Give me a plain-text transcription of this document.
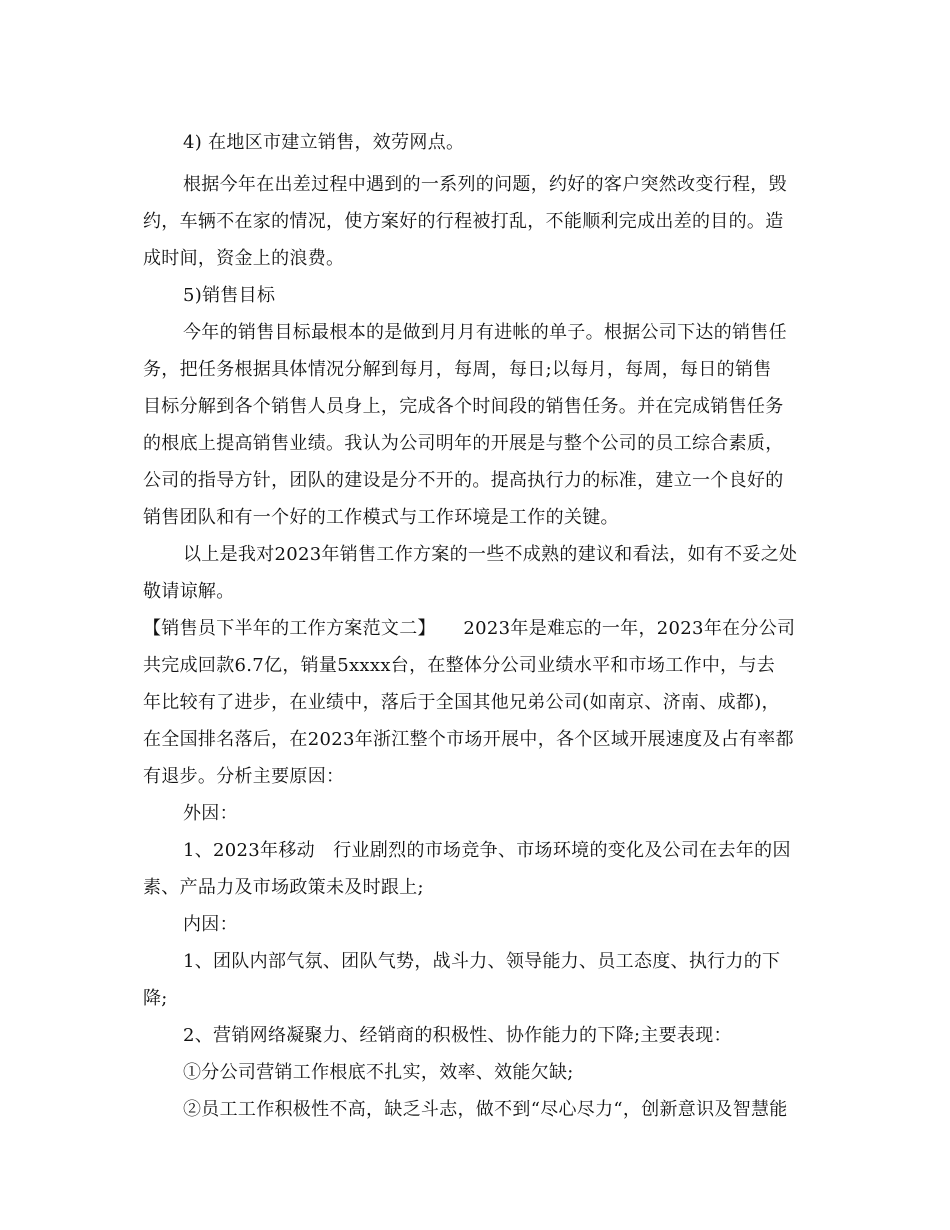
4) 在地区市建立销售，效劳网点。
根据今年在出差过程中遇到的一系列的问题，约好的客户突然改变行程，毁
约，车辆不在家的情况，使方案好的行程被打乱，不能顺利完成出差的目的。造
成时间，资金上的浪费。
5)销售目标
今年的销售目标最根本的是做到月月有进帐的单子。根据公司下达的销售任
务，把任务根据具体情况分解到每月，每周，每日;以每月，每周，每日的销售
目标分解到各个销售人员身上，完成各个时间段的销售任务。并在完成销售任务
的根底上提高销售业绩。我认为公司明年的开展是与整个公司的员工综合素质，
公司的指导方针，团队的建设是分不开的。提高执行力的标准，建立一个良好的
销售团队和有一个好的工作模式与工作环境是工作的关键。
以上是我对2023年销售工作方案的一些不成熟的建议和看法，如有不妥之处
敬请谅解。
【销售员下半年的工作方案范文二】　　2023年是难忘的一年，2023年在分公司
共完成回款6.7亿，销量5xxxx台，在整体分公司业绩水平和市场工作中，与去
年比较有了进步，在业绩中，落后于全国其他兄弟公司(如南京、济南、成都)，
在全国排名落后，在2023年浙江整个市场开展中，各个区域开展速度及占有率都
有退步。分析主要原因：
外因：
1、2023年移动　行业剧烈的市场竞争、市场环境的变化及公司在去年的因
素、产品力及市场政策未及时跟上;
内因：
1、团队内部气氛、团队气势，战斗力、领导能力、员工态度、执行力的下
降;
2、营销网络凝聚力、经销商的积极性、协作能力的下降;主要表现：
①分公司营销工作根底不扎实，效率、效能欠缺;
②员工工作积极性不高，缺乏斗志，做不到“尽心尽力“，创新意识及智慧能
